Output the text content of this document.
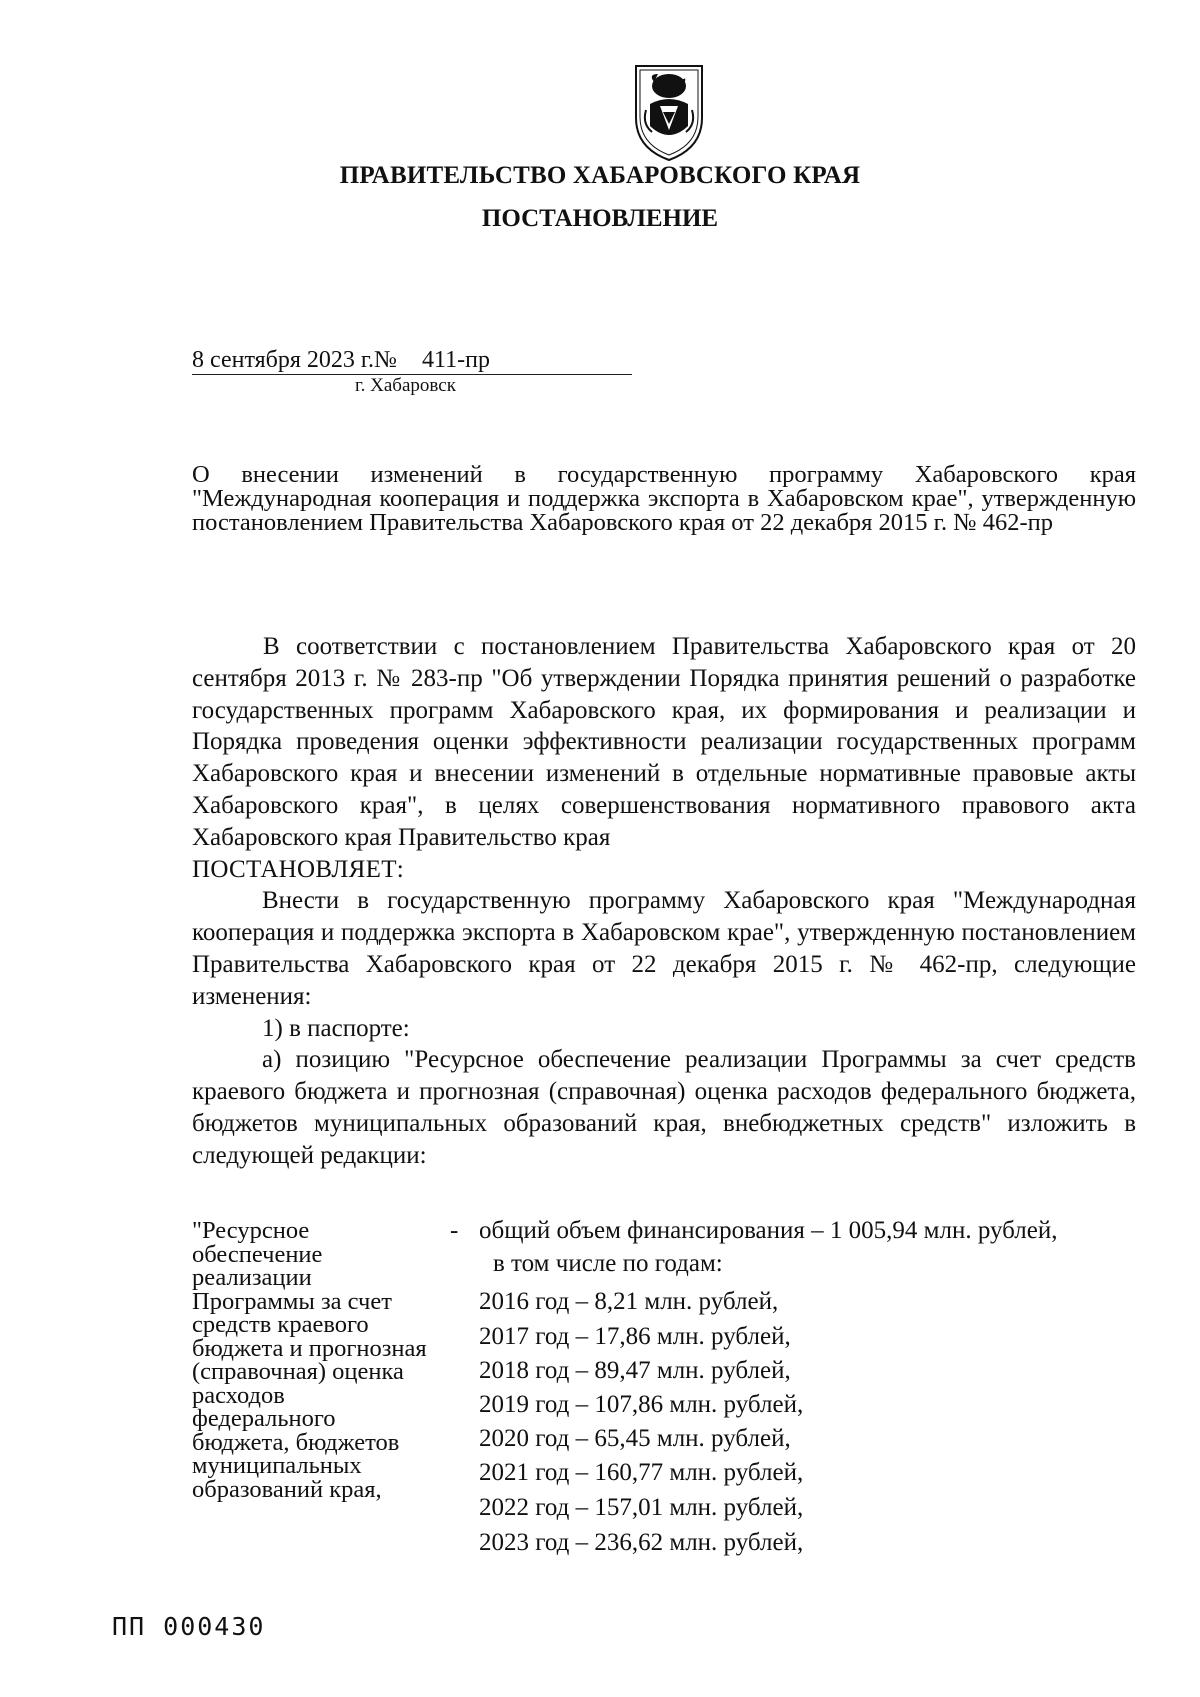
ПРАВИТЕЛЬСТВО ХАБАРОВСКОГО КРАЯ
ПОСТАНОВЛЕНИЕ
8 сентября 2023 г. № 411-пр
г. Хабаровск
О внесении изменений в государственную программу Хабаровского края "Международная кооперация и поддержка экспорта в Хабаровском крае", утвержденную постановлением Правительства Хабаровского края от 22 декабря 2015 г. № 462-пр

В соответствии с постановлением Правительства Хабаровского края от 20 сентября 2013 г. № 283-пр "Об утверждении Порядка принятия решений о разработке государственных программ Хабаровского края, их формирования и реализации и Порядка проведения оценки эффективности реализации государственных программ Хабаровского края и внесении изменений в отдельные нормативные правовые акты Хабаровского края", в целях совершенствования нормативного правового акта Хабаровского края Правительство края

ПОСТАНОВЛЯЕТ:

Внести в государственную программу Хабаровского края "Международная кооперация и поддержка экспорта в Хабаровском крае", утвержденную постановлением Правительства Хабаровского края от 22 декабря 2015 г. № 462-пр, следующие изменения:

1) в паспорте:

а) позицию "Ресурсное обеспечение реализации Программы за счет средств краевого бюджета и прогнозная (справочная) оценка расходов федерального бюджета, бюджетов муниципальных образований края, внебюджетных средств" изложить в следующей редакции:

"Ресурсное обеспечение реализации Программы за счет средств краевого бюджета и прогнозная (справочная) оценка расходов федерального бюджета, бюджетов муниципальных образований края,
- общий объем финансирования – 1 005,94 млн. рублей,
в том числе по годам:
2016 год – 8,21 млн. рублей,
2017 год – 17,86 млн. рублей,
2018 год – 89,47 млн. рублей,
2019 год – 107,86 млн. рублей,
2020 год – 65,45 млн. рублей,
2021 год – 160,77 млн. рублей,
2022 год – 157,01 млн. рублей,
2023 год – 236,62 млн. рублей,
ПП 000430
